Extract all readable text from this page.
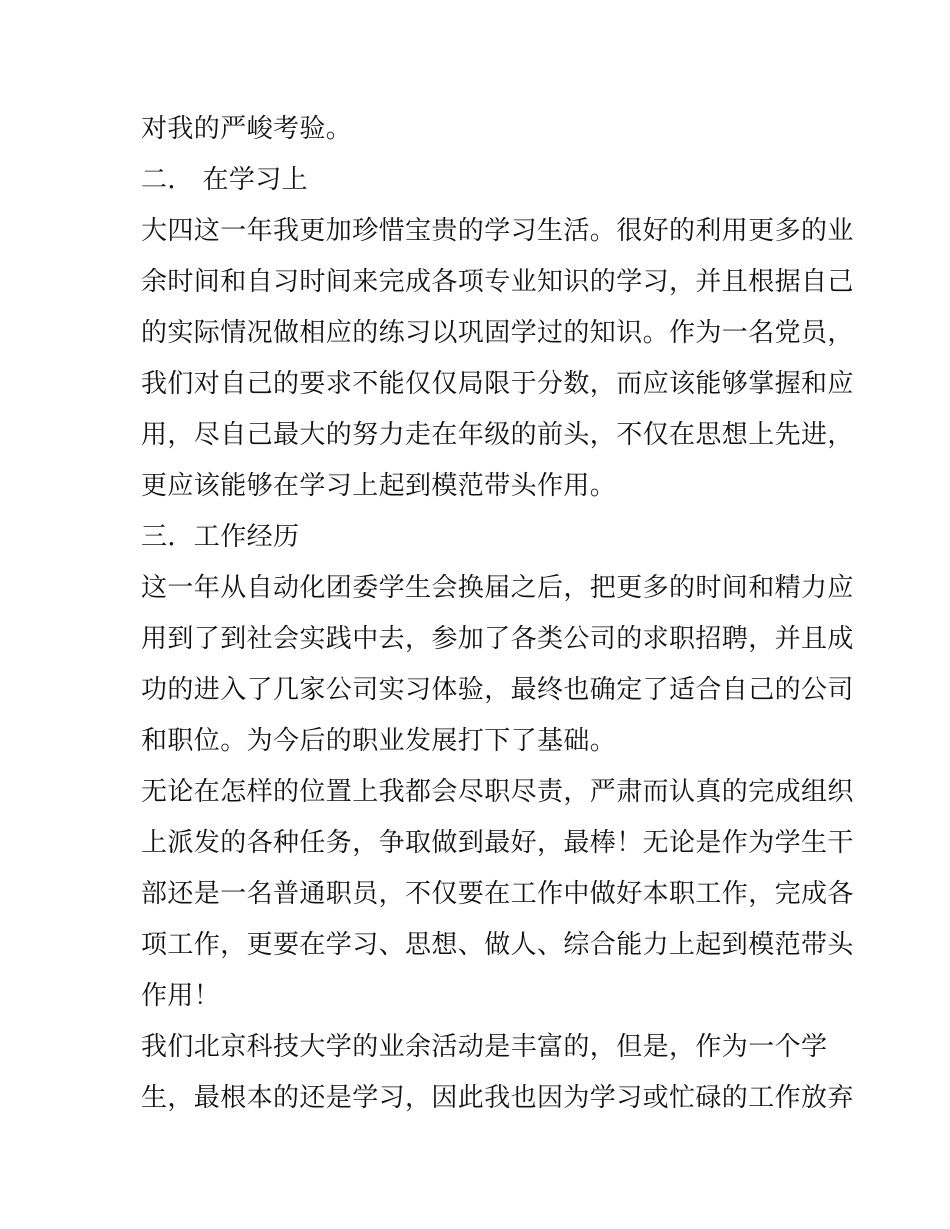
对我的严峻考验。
二． 在学习上
大四这一年我更加珍惜宝贵的学习生活。很好的利用更多的业
余时间和自习时间来完成各项专业知识的学习，并且根据自己
的实际情况做相应的练习以巩固学过的知识。作为一名党员，
我们对自己的要求不能仅仅局限于分数，而应该能够掌握和应
用，尽自己最大的努力走在年级的前头，不仅在思想上先进，
更应该能够在学习上起到模范带头作用。
三．工作经历
这一年从自动化团委学生会换届之后，把更多的时间和精力应
用到了到社会实践中去，参加了各类公司的求职招聘，并且成
功的进入了几家公司实习体验，最终也确定了适合自己的公司
和职位。为今后的职业发展打下了基础。
无论在怎样的位置上我都会尽职尽责，严肃而认真的完成组织
上派发的各种任务，争取做到最好，最棒！无论是作为学生干
部还是一名普通职员，不仅要在工作中做好本职工作，完成各
项工作，更要在学习、思想、做人、综合能力上起到模范带头
作用！
我们北京科技大学的业余活动是丰富的，但是，作为一个学
生，最根本的还是学习，因此我也因为学习或忙碌的工作放弃
